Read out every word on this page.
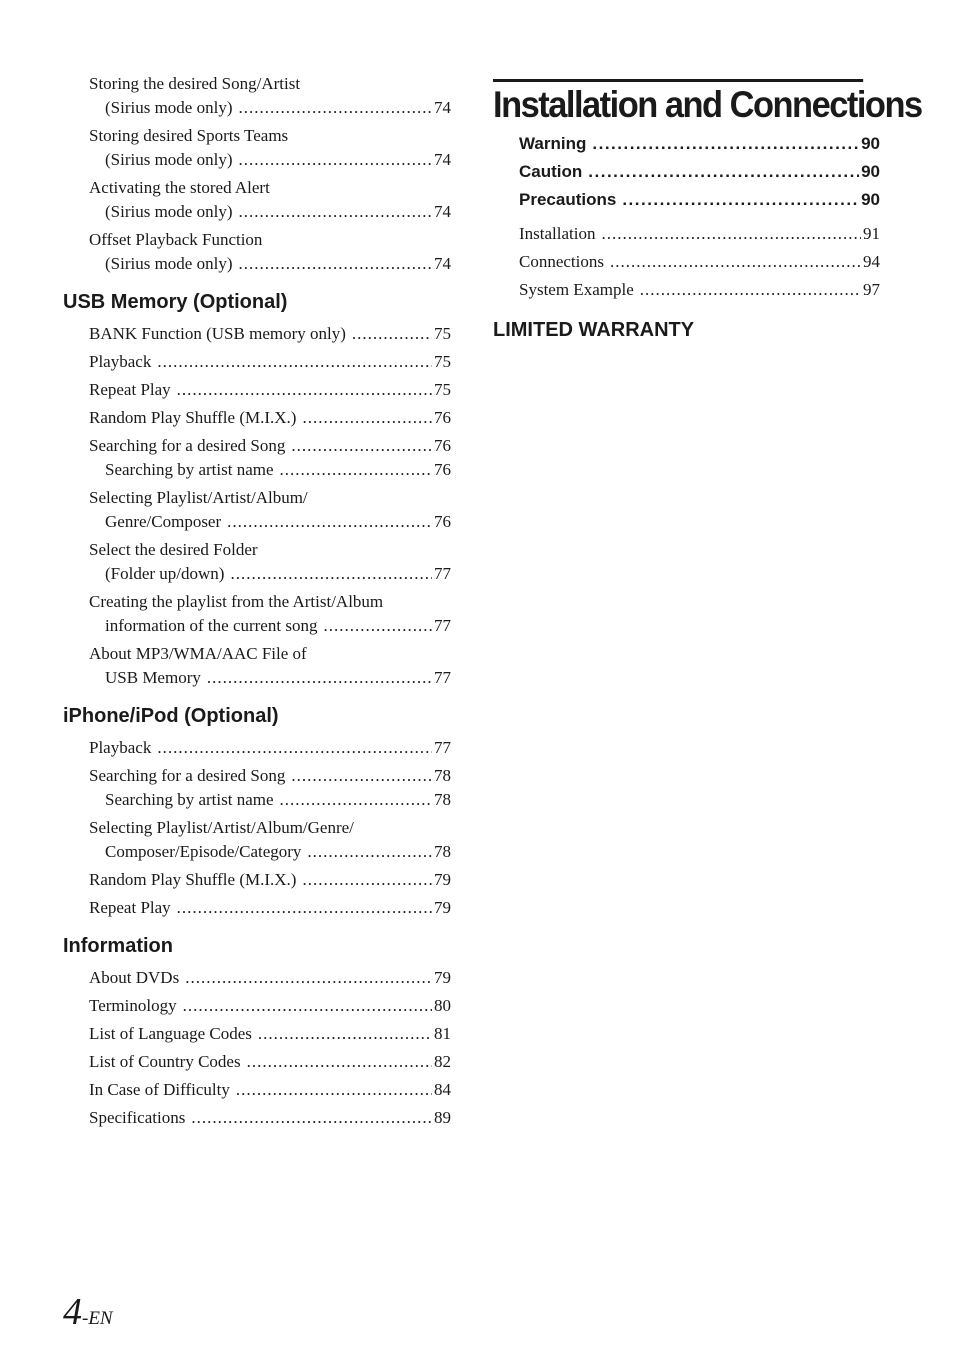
Storing the desired Song/Artist
(Sirius mode only) .....	74
Storing desired Sports Teams
(Sirius mode only) .....	74
Activating the stored Alert
(Sirius mode only) .....	74
Offset Playback Function
(Sirius mode only) .....	74
USB Memory (Optional)
BANK Function (USB memory only) .....	75
Playback .....	75
Repeat Play .....	75
Random Play Shuffle (M.I.X.) .....	76
Searching for a desired Song .....	76
Searching by artist name .....	76
Selecting Playlist/Artist/Album/
Genre/Composer .....	76
Select the desired Folder
(Folder up/down) .....	77
Creating the playlist from the Artist/Album
information of the current song .....	77
About MP3/WMA/AAC File of
USB Memory .....	77
iPhone/iPod (Optional)
Playback .....	77
Searching for a desired Song .....	78
Searching by artist name .....	78
Selecting Playlist/Artist/Album/Genre/
Composer/Episode/Category .....	78
Random Play Shuffle (M.I.X.) .....	79
Repeat Play .....	79
Information
About DVDs .....	79
Terminology .....	80
List of Language Codes .....	81
List of Country Codes .....	82
In Case of Difficulty .....	84
Specifications .....	89
Installation and Connections
Warning .....	90
Caution .....	90
Precautions .....	90
Installation .....	91
Connections .....	94
System Example .....	97
LIMITED WARRANTY
4-EN
